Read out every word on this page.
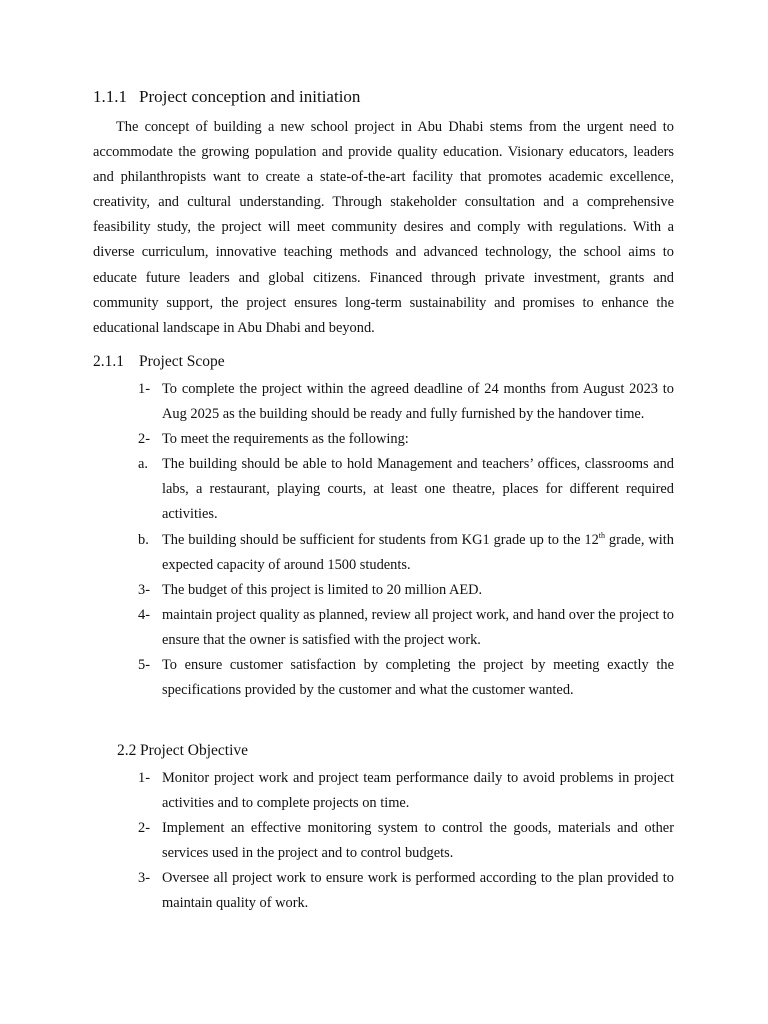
1.1.1 Project conception and initiation

The concept of building a new school project in Abu Dhabi stems from the urgent need to accommodate the growing population and provide quality education. Visionary educators, leaders and philanthropists want to create a state-of-the-art facility that promotes academic excellence, creativity, and cultural understanding. Through stakeholder consultation and a comprehensive feasibility study, the project will meet community desires and comply with regulations. With a diverse curriculum, innovative teaching methods and advanced technology, the school aims to educate future leaders and global citizens. Financed through private investment, grants and community support, the project ensures long-term sustainability and promises to enhance the educational landscape in Abu Dhabi and beyond.

2.1.1 Project Scope
1- To complete the project within the agreed deadline of 24 months from August 2023 to Aug 2025 as the building should be ready and fully furnished by the handover time.
2- To meet the requirements as the following:
a. The building should be able to hold Management and teachers’ offices, classrooms and labs, a restaurant, playing courts, at least one theatre, places for different required activities.
b. The building should be sufficient for students from KG1 grade up to the 12th grade, with expected capacity of around 1500 students.
3- The budget of this project is limited to 20 million AED.
4- maintain project quality as planned, review all project work, and hand over the project to ensure that the owner is satisfied with the project work.
5- To ensure customer satisfaction by completing the project by meeting exactly the specifications provided by the customer and what the customer wanted.
2.2 Project Objective
1- Monitor project work and project team performance daily to avoid problems in project activities and to complete projects on time.
2- Implement an effective monitoring system to control the goods, materials and other services used in the project and to control budgets.
3- Oversee all project work to ensure work is performed according to the plan provided to maintain quality of work.
